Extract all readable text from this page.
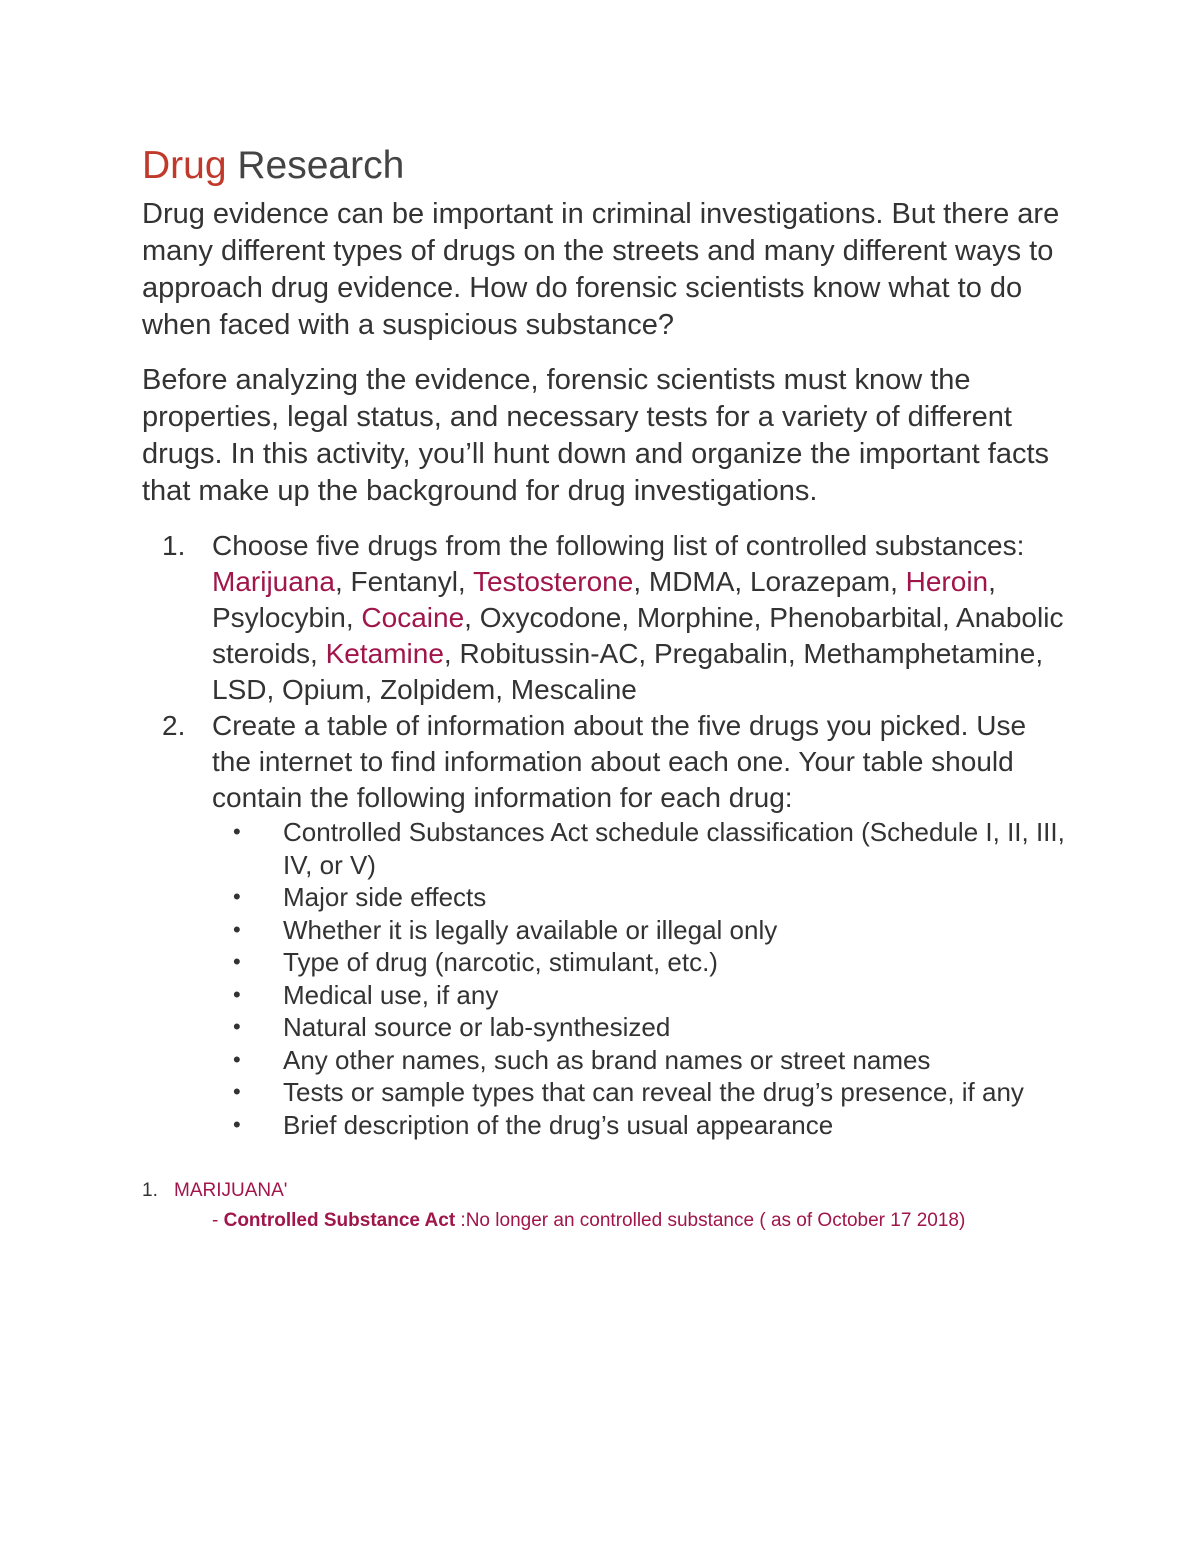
Drug Research

Drug evidence can be important in criminal investigations. But there are many different types of drugs on the streets and many different ways to approach drug evidence. How do forensic scientists know what to do when faced with a suspicious substance?

Before analyzing the evidence, forensic scientists must know the properties, legal status, and necessary tests for a variety of different drugs. In this activity, you’ll hunt down and organize the important facts that make up the background for drug investigations.

1. Choose five drugs from the following list of controlled substances: Marijuana, Fentanyl, Testosterone, MDMA, Lorazepam, Heroin, Psylocybin, Cocaine, Oxycodone, Morphine, Phenobarbital, Anabolic steroids, Ketamine, Robitussin-AC, Pregabalin, Methamphetamine, LSD, Opium, Zolpidem, Mescaline
2. Create a table of information about the five drugs you picked. Use the internet to find information about each one. Your table should contain the following information for each drug:
• Controlled Substances Act schedule classification (Schedule I, II, III, IV, or V)
• Major side effects
• Whether it is legally available or illegal only
• Type of drug (narcotic, stimulant, etc.)
• Medical use, if any
• Natural source or lab-synthesized
• Any other names, such as brand names or street names
• Tests or sample types that can reveal the drug’s presence, if any
• Brief description of the drug’s usual appearance
1. MARIJUANA'
- Controlled Substance Act :No longer an controlled substance ( as of October 17 2018)
